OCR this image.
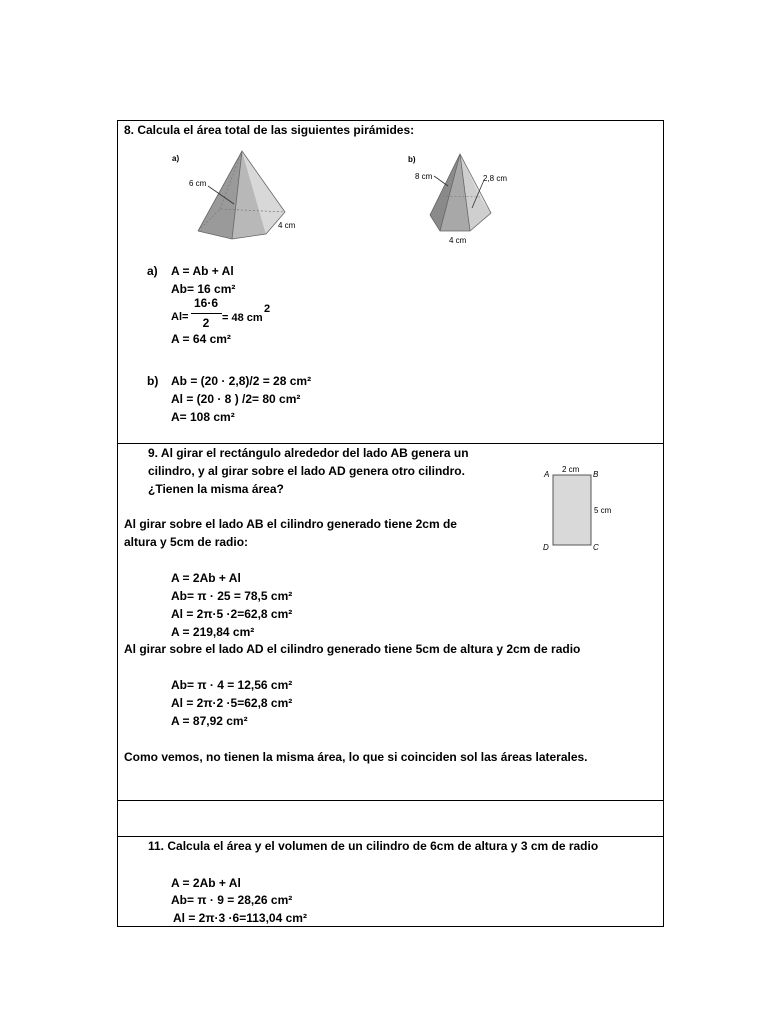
8. Calcula el área total de las siguientes pirámides:
a)
6 cm
4 cm
b)
8 cm	2,8 cm
4 cm
a) A = Ab + Al
Ab= 16 cm²
Al=
16·6
2	= 48 cm
2
A = 64 cm²
b) Ab = (20 · 2,8)/2 = 28 cm²
Al = (20 · 8 ) /2= 80 cm²
A= 108 cm²
9. Al girar el rectángulo alrededor del lado AB genera un
cilindro, y al girar sobre el lado AD genera otro cilindro.
¿Tienen la misma área?
A	B
C
D
2 cm
5 cm
Al girar sobre el lado AB el cilindro generado tiene 2cm de
altura y 5cm de radio:
A = 2Ab + Al
Ab= π · 25 = 78,5 cm²
Al = 2π·5 ·2=62,8 cm²
A = 219,84 cm²
Al girar sobre el lado AD el cilindro generado tiene 5cm de altura y 2cm de radio
Ab= π · 4 = 12,56 cm²
Al = 2π·2 ·5=62,8 cm²
A = 87,92 cm²
Como vemos, no tienen la misma área, lo que si coinciden sol las áreas laterales.
11. Calcula el área y el volumen de un cilindro de 6cm de altura y 3 cm de radio
A = 2Ab + Al
Ab= π · 9 = 28,26 cm²
Al = 2π·3 ·6=113,04 cm²
